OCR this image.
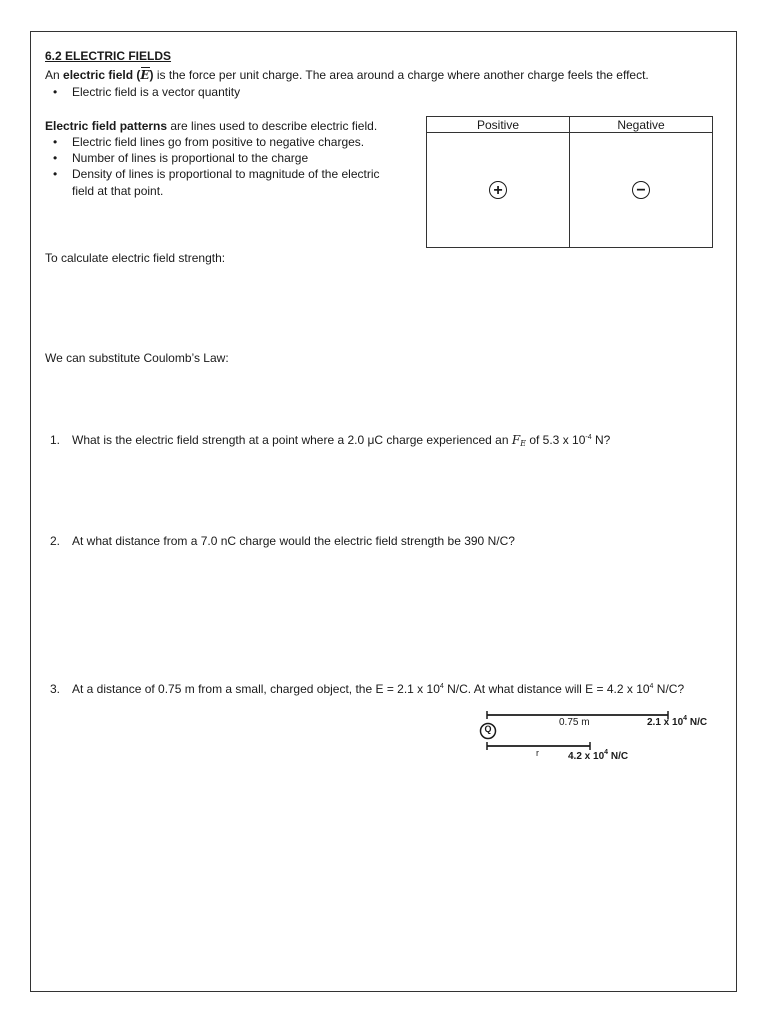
6.2 ELECTRIC FIELDS
An electric field (E) is the force per unit charge. The area around a charge where another charge feels the effect.
• Electric field is a vector quantity
Electric field patterns are lines used to describe electric field.
• Electric field lines go from positive to negative charges.
• Number of lines is proportional to the charge
• Density of lines is proportional to magnitude of the electric
field at that point.
Positive	Negative
+	−
To calculate electric field strength:
We can substitute Coulomb’s Law:
1. What is the electric field strength at a point where a 2.0 μC charge experienced an $F_E$ of 5.3 x $10^{-4}$ N?
2. At what distance from a 7.0 nC charge would the electric field strength be 390 N/C?
3. At a distance of 0.75 m from a small, charged object, the E = 2.1 x $10^4$ N/C. At what distance will E = 4.2 x $10^4$ N/C?
Q
0.75 m	2.1 x $10^4$ N/C
r	4.2 x $10^4$ N/C
